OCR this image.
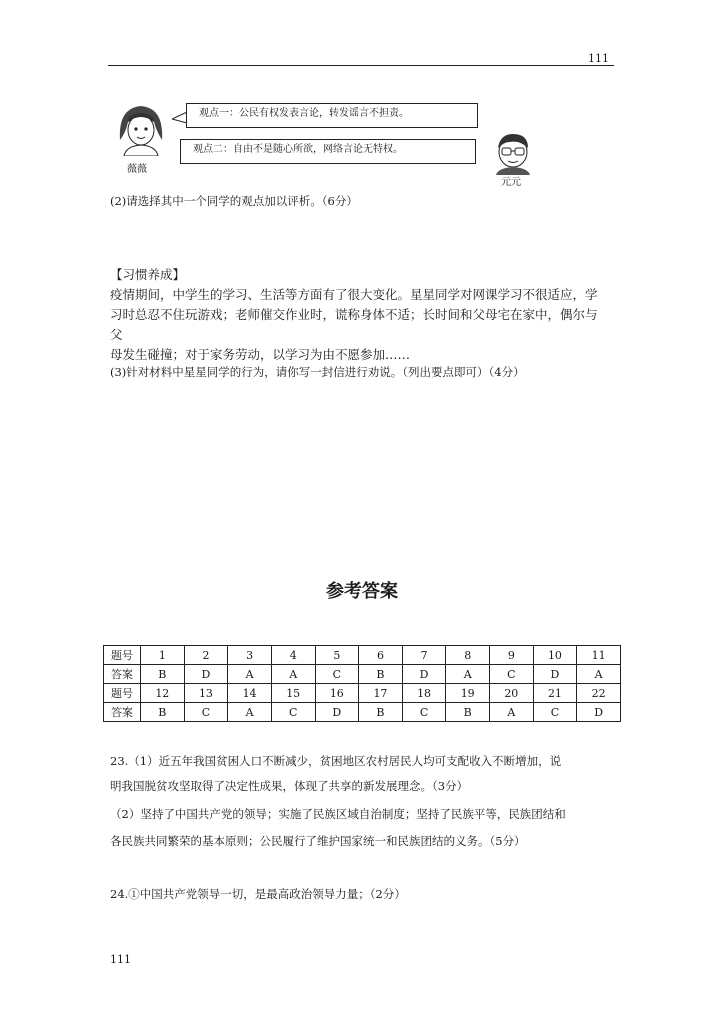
111
薇薇
观点一：公民有权发表言论，转发谣言不担责。
观点二：自由不是随心所欲，网络言论无特权。
元元
(2)请选择其中一个同学的观点加以评析。（6分）
【习惯养成】
疫情期间，中学生的学习、生活等方面有了很大变化。星星同学对网课学习不很适应，学
习时总忍不住玩游戏；老师催交作业时，谎称身体不适；长时间和父母宅在家中，偶尔与
父
母发生碰撞；对于家务劳动，以学习为由不愿参加……
(3)针对材料中星星同学的行为，请你写一封信进行劝说。（列出要点即可）（4分）
参考答案
题号	1	2	3	4	5	6	7	8	9	10	11
答案	B	D	A	A	C	B	D	A	C	D	A
题号	12	13	14	15	16	17	18	19	20	21	22
答案	B	C	A	C	D	B	C	B	A	C	D
23.（1）近五年我国贫困人口不断减少，贫困地区农村居民人均可支配收入不断增加，说
明我国脱贫攻坚取得了决定性成果，体现了共享的新发展理念。（3分）
（2）坚持了中国共产党的领导；实施了民族区域自治制度；坚持了民族平等，民族团结和
各民族共同繁荣的基本原则；公民履行了维护国家统一和民族团结的义务。（5分）
24.①中国共产党领导一切，是最高政治领导力量；（2分）
111
